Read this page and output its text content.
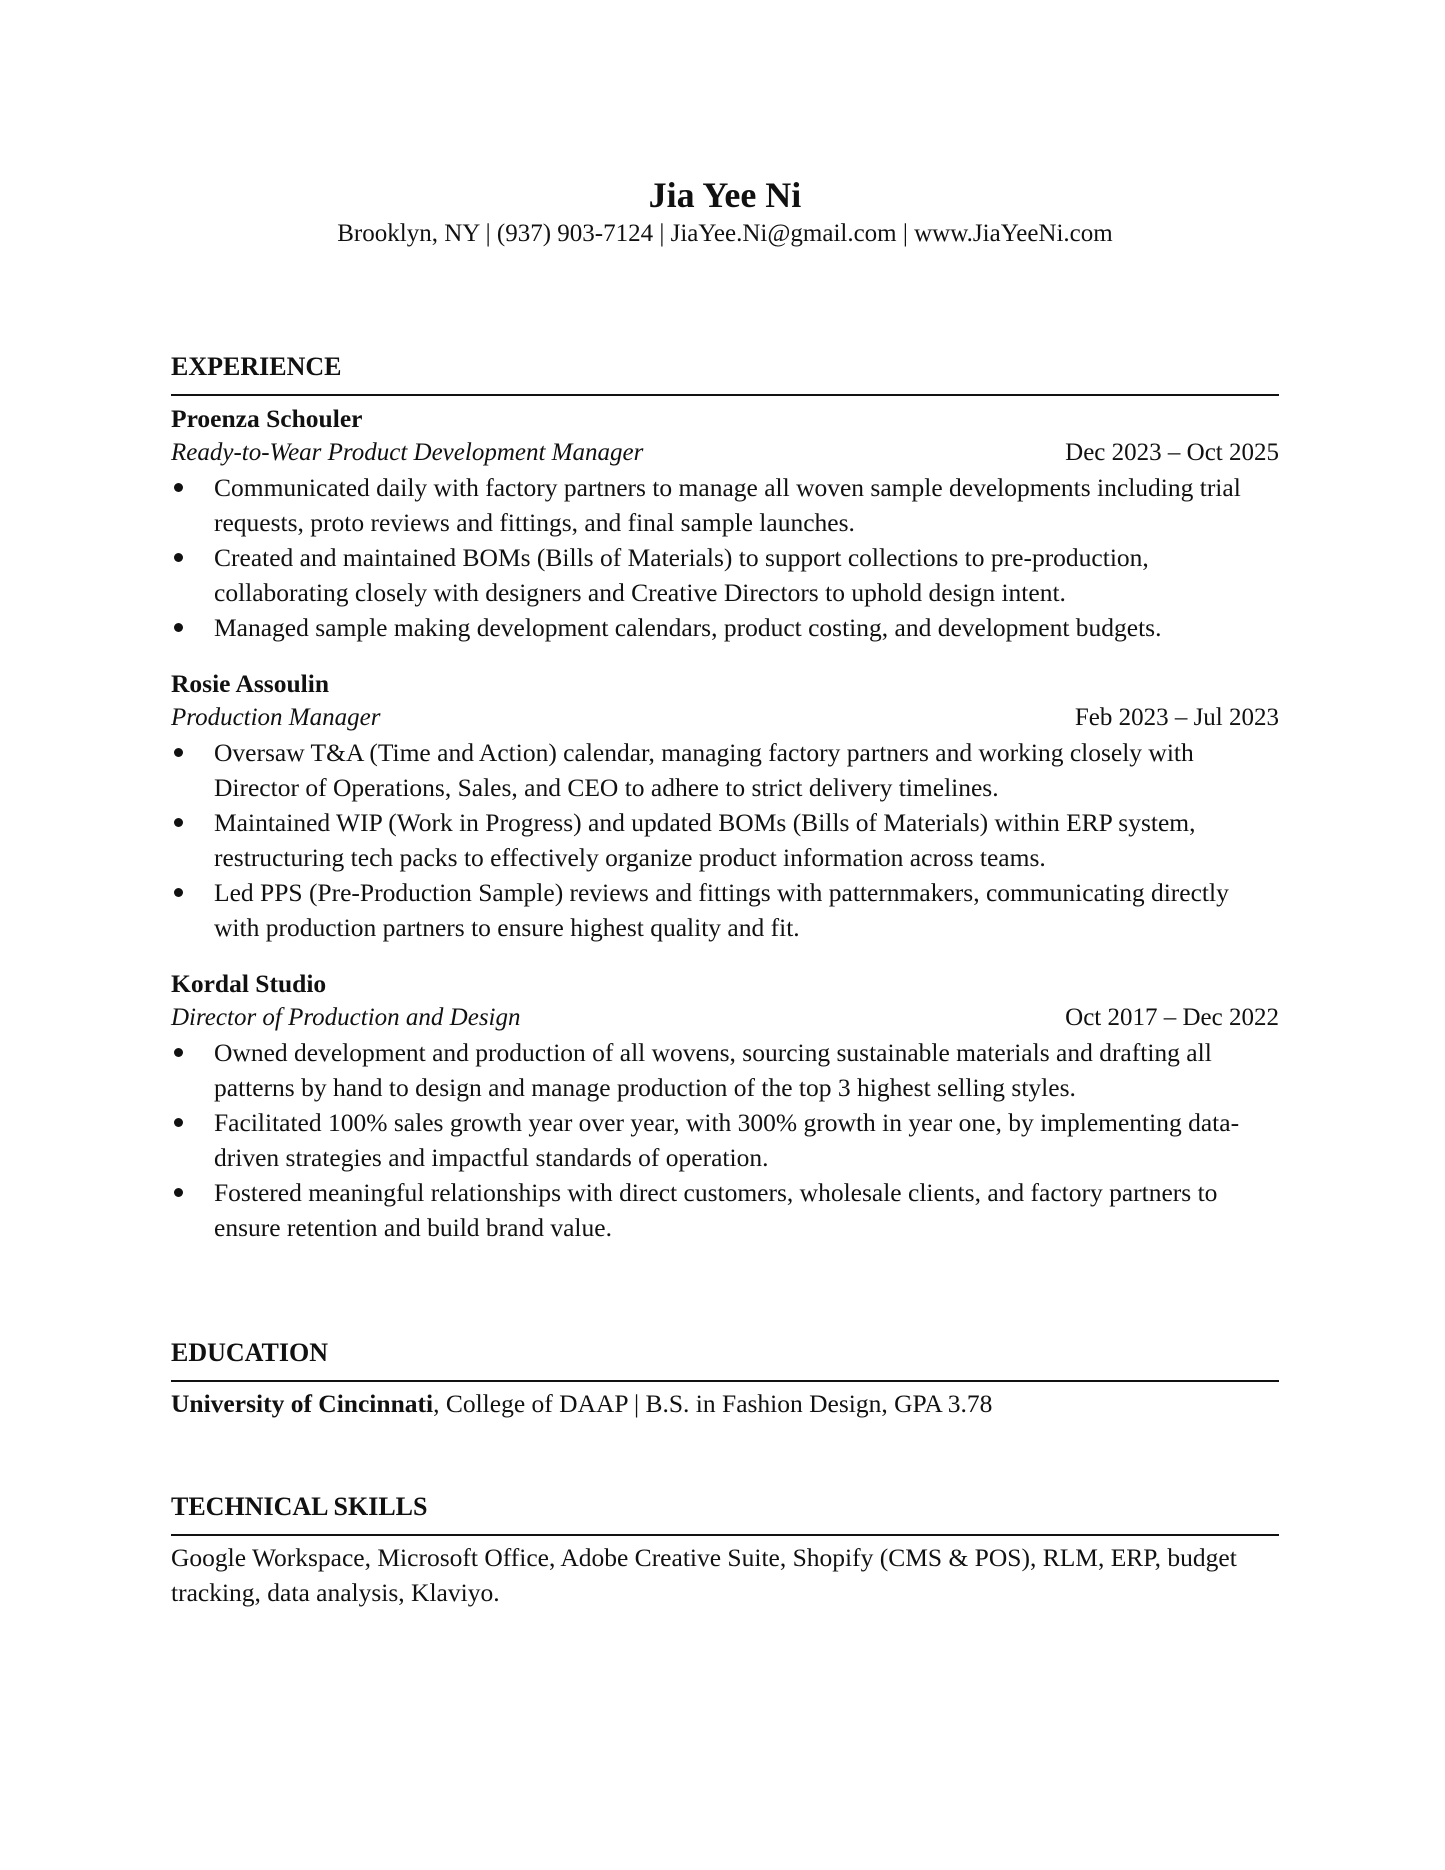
Jia Yee Ni
Brooklyn, NY | (937) 903-7124 | JiaYee.Ni@gmail.com | www.JiaYeeNi.com
EXPERIENCE
Proenza Schouler
Ready-to-Wear Product Development Manager	Dec 2023 – Oct 2025
Communicated daily with factory partners to manage all woven sample developments including trial requests, proto reviews and fittings, and final sample launches.
Created and maintained BOMs (Bills of Materials) to support collections to pre-production, collaborating closely with designers and Creative Directors to uphold design intent.
Managed sample making development calendars, product costing, and development budgets.
Rosie Assoulin
Production Manager	Feb 2023 – Jul 2023
Oversaw T&A (Time and Action) calendar, managing factory partners and working closely with Director of Operations, Sales, and CEO to adhere to strict delivery timelines.
Maintained WIP (Work in Progress) and updated BOMs (Bills of Materials) within ERP system, restructuring tech packs to effectively organize product information across teams.
Led PPS (Pre-Production Sample) reviews and fittings with patternmakers, communicating directly with production partners to ensure highest quality and fit.
Kordal Studio
Director of Production and Design	Oct 2017 – Dec 2022
Owned development and production of all wovens, sourcing sustainable materials and drafting all patterns by hand to design and manage production of the top 3 highest selling styles.
Facilitated 100% sales growth year over year, with 300% growth in year one, by implementing data-driven strategies and impactful standards of operation.
Fostered meaningful relationships with direct customers, wholesale clients, and factory partners to ensure retention and build brand value.
EDUCATION
University of Cincinnati, College of DAAP | B.S. in Fashion Design, GPA 3.78
TECHNICAL SKILLS
Google Workspace, Microsoft Office, Adobe Creative Suite, Shopify (CMS & POS), RLM, ERP, budget tracking, data analysis, Klaviyo.
